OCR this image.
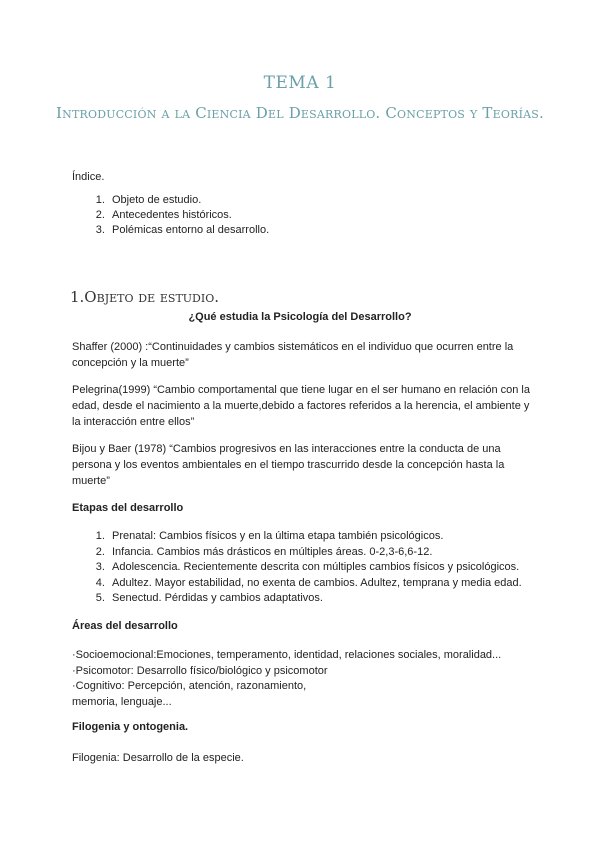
TEMA 1
Introducción a la Ciencia Del Desarrollo. Conceptos y Teorías.
Índice.
1. Objeto de estudio.
2. Antecedentes históricos.
3. Polémicas entorno al desarrollo.
1.Objeto de estudio.
¿Qué estudia la Psicología del Desarrollo?
Shaffer (2000) :“Continuidades y cambios sistemáticos en el individuo que ocurren entre la concepción y la muerte”
Pelegrina(1999) “Cambio comportamental que tiene lugar en el ser humano en relación con la edad, desde el nacimiento a la muerte,debido a factores referidos a la herencia, el ambiente y la interacción entre ellos”
Bijou y Baer (1978) “Cambios progresivos en las interacciones entre la conducta de una persona y los eventos ambientales en el tiempo trascurrido desde la concepción hasta la muerte”
Etapas del desarrollo
1. Prenatal: Cambios físicos y en la última etapa también psicológicos.
2. Infancia. Cambios más drásticos en múltiples áreas. 0-2,3-6,6-12.
3. Adolescencia. Recientemente descrita con múltiples cambios físicos y psicológicos.
4. Adultez. Mayor estabilidad, no exenta de cambios. Adultez, temprana y media edad.
5. Senectud. Pérdidas y cambios adaptativos.
Áreas del desarrollo
·Socioemocional:Emociones, temperamento, identidad, relaciones sociales, moralidad...
·Psicomotor: Desarrollo físico/biológico y psicomotor
·Cognitivo: Percepción, atención, razonamiento,
memoria, lenguaje...
Filogenia y ontogenia.
Filogenia: Desarrollo de la especie.
